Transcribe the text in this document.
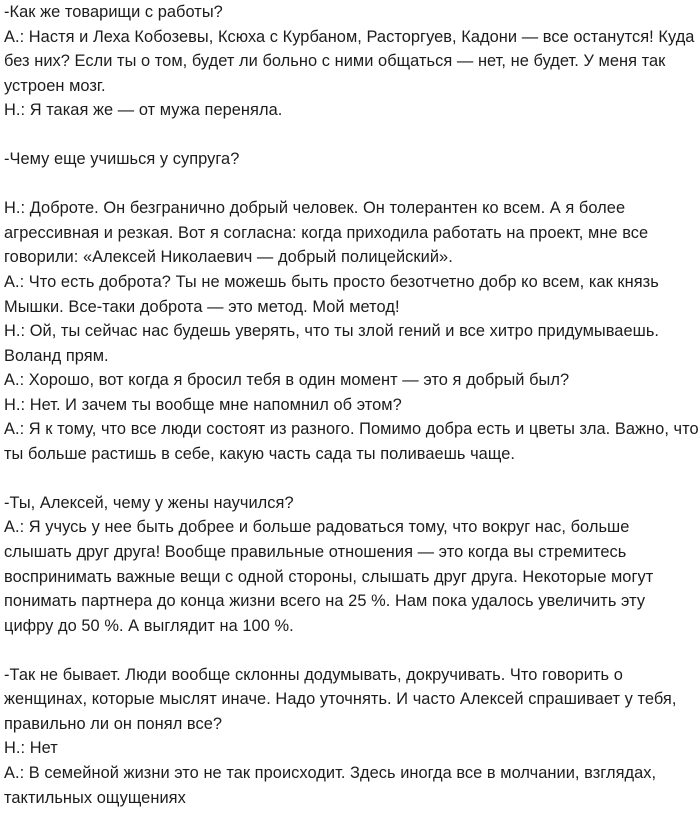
-Как же товарищи с работы?

А.: Настя и Леха Кобозевы, Ксюха с Курбаном, Расторгуев, Кадони — все останутся! Куда без них? Если ты о том, будет ли больно с ними общаться — нет, не будет. У меня так устроен мозг.

Н.: Я такая же — от мужа переняла.

-Чему еще учишься у супруга?

Н.: Доброте. Он безгранично добрый человек. Он толерантен ко всем. А я более агрессивная и резкая. Вот я согласна: когда приходила работать на проект, мне все говорили: «Алексей Николаевич — добрый полицейский».

А.: Что есть доброта? Ты не можешь быть просто безотчетно добр ко всем, как князь Мышки. Все-таки доброта — это метод. Мой метод!

Н.: Ой, ты сейчас нас будешь уверять, что ты злой гений и все хитро придумываешь. Воланд прям.

А.: Хорошо, вот когда я бросил тебя в один момент — это я добрый был?

Н.: Нет. И зачем ты вообще мне напомнил об этом?

А.: Я к тому, что все люди состоят из разного. Помимо добра есть и цветы зла. Важно, что ты больше растишь в себе, какую часть сада ты поливаешь чаще.

-Ты, Алексей, чему у жены научился?

А.: Я учусь у нее быть добрее и больше радоваться тому, что вокруг нас, больше слышать друг друга! Вообще правильные отношения — это когда вы стремитесь воспринимать важные вещи с одной стороны, слышать друг друга. Некоторые могут понимать партнера до конца жизни всего на 25 %. Нам пока удалось увеличить эту цифру до 50 %. А выглядит на 100 %.

-Так не бывает. Люди вообще склонны додумывать, докручивать. Что говорить о женщинах, которые мыслят иначе. Надо уточнять. И часто Алексей спрашивает у тебя, правильно ли он понял все?

Н.: Нет

А.: В семейной жизни это не так происходит. Здесь иногда все в молчании, взглядах, тактильных ощущениях
